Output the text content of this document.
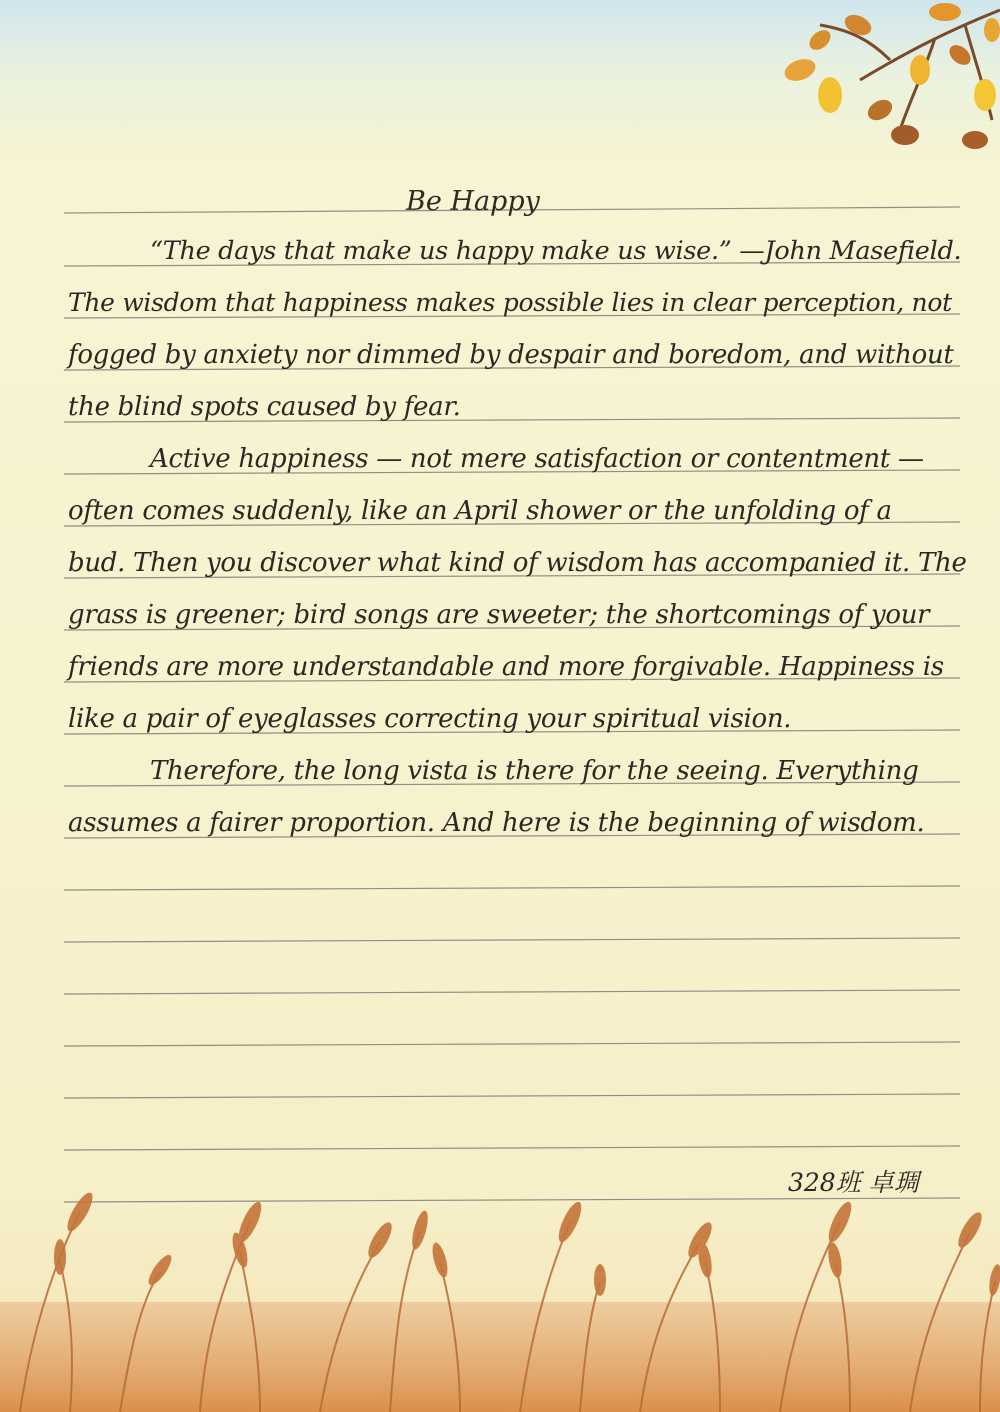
Be Happy
“The days that make us happy make us wise.” —John Masefield.
The wisdom that happiness makes possible lies in clear perception, not
fogged by anxiety nor dimmed by despair and boredom, and without
the blind spots caused by fear.
Active happiness — not mere satisfaction or contentment —
often comes suddenly, like an April shower or the unfolding of a
bud. Then you discover what kind of wisdom has accompanied it. The
grass is greener; bird songs are sweeter; the shortcomings of your
friends are more understandable and more forgivable. Happiness is
like a pair of eyeglasses correcting your spiritual vision.
Therefore, the long vista is there for the seeing. Everything
assumes a fairer proportion. And here is the beginning of wisdom.
328班 卓琱
